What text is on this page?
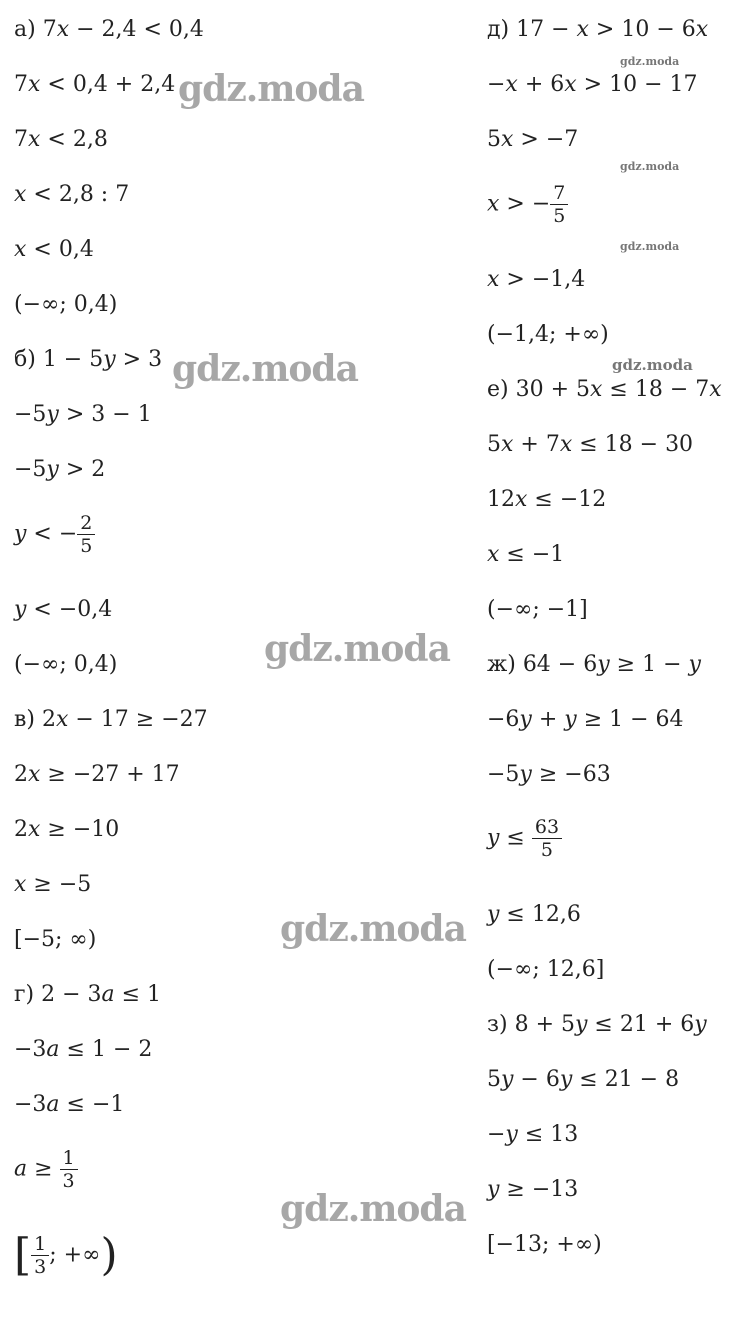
а) 7𝑥 − 2,4 < 0,4
7𝑥 < 0,4 + 2,4
7𝑥 < 2,8
𝑥 < 2,8 : 7
𝑥 < 0,4
(−∞; 0,4)
б) 1 − 5𝑦 > 3
−5𝑦 > 3 − 1
−5𝑦 > 2
𝑦 < − $\frac{2}{5}$
𝑦 < −0,4
(−∞; 0,4)
в) 2𝑥 − 17 ≥ −27
2𝑥 ≥ −27 + 17
2𝑥 ≥ −10
𝑥 ≥ −5
[−5; ∞)
г) 2 − 3𝑎 ≤ 1
−3𝑎 ≤ 1 − 2
−3𝑎 ≤ −1
𝑎 ≥ $\frac{1}{3}$
[ $\frac{1}{3}$ ; +∞)
д) 17 − 𝑥 > 10 − 6𝑥
−𝑥 + 6𝑥 > 10 − 17
5𝑥 > −7
𝑥 > − $\frac{7}{5}$
𝑥 > −1,4
(−1,4; +∞)
е) 30 + 5𝑥 ≤ 18 − 7𝑥
5𝑥 + 7𝑥 ≤ 18 − 30
12𝑥 ≤ −12
𝑥 ≤ −1
(−∞; −1]
ж) 64 − 6𝑦 ≥ 1 − 𝑦
−6𝑦 + 𝑦 ≥ 1 − 64
−5𝑦 ≥ −63
𝑦 ≤ $\frac{63}{5}$
𝑦 ≤ 12,6
(−∞; 12,6]
з) 8 + 5𝑦 ≤ 21 + 6𝑦
5𝑦 − 6𝑦 ≤ 21 − 8
−𝑦 ≤ 13
𝑦 ≥ −13
[−13; +∞)
gdz.moda
gdz.moda
gdz.moda
gdz.moda
gdz.moda
gdz.moda
gdz.moda
gdz.moda
gdz.moda
